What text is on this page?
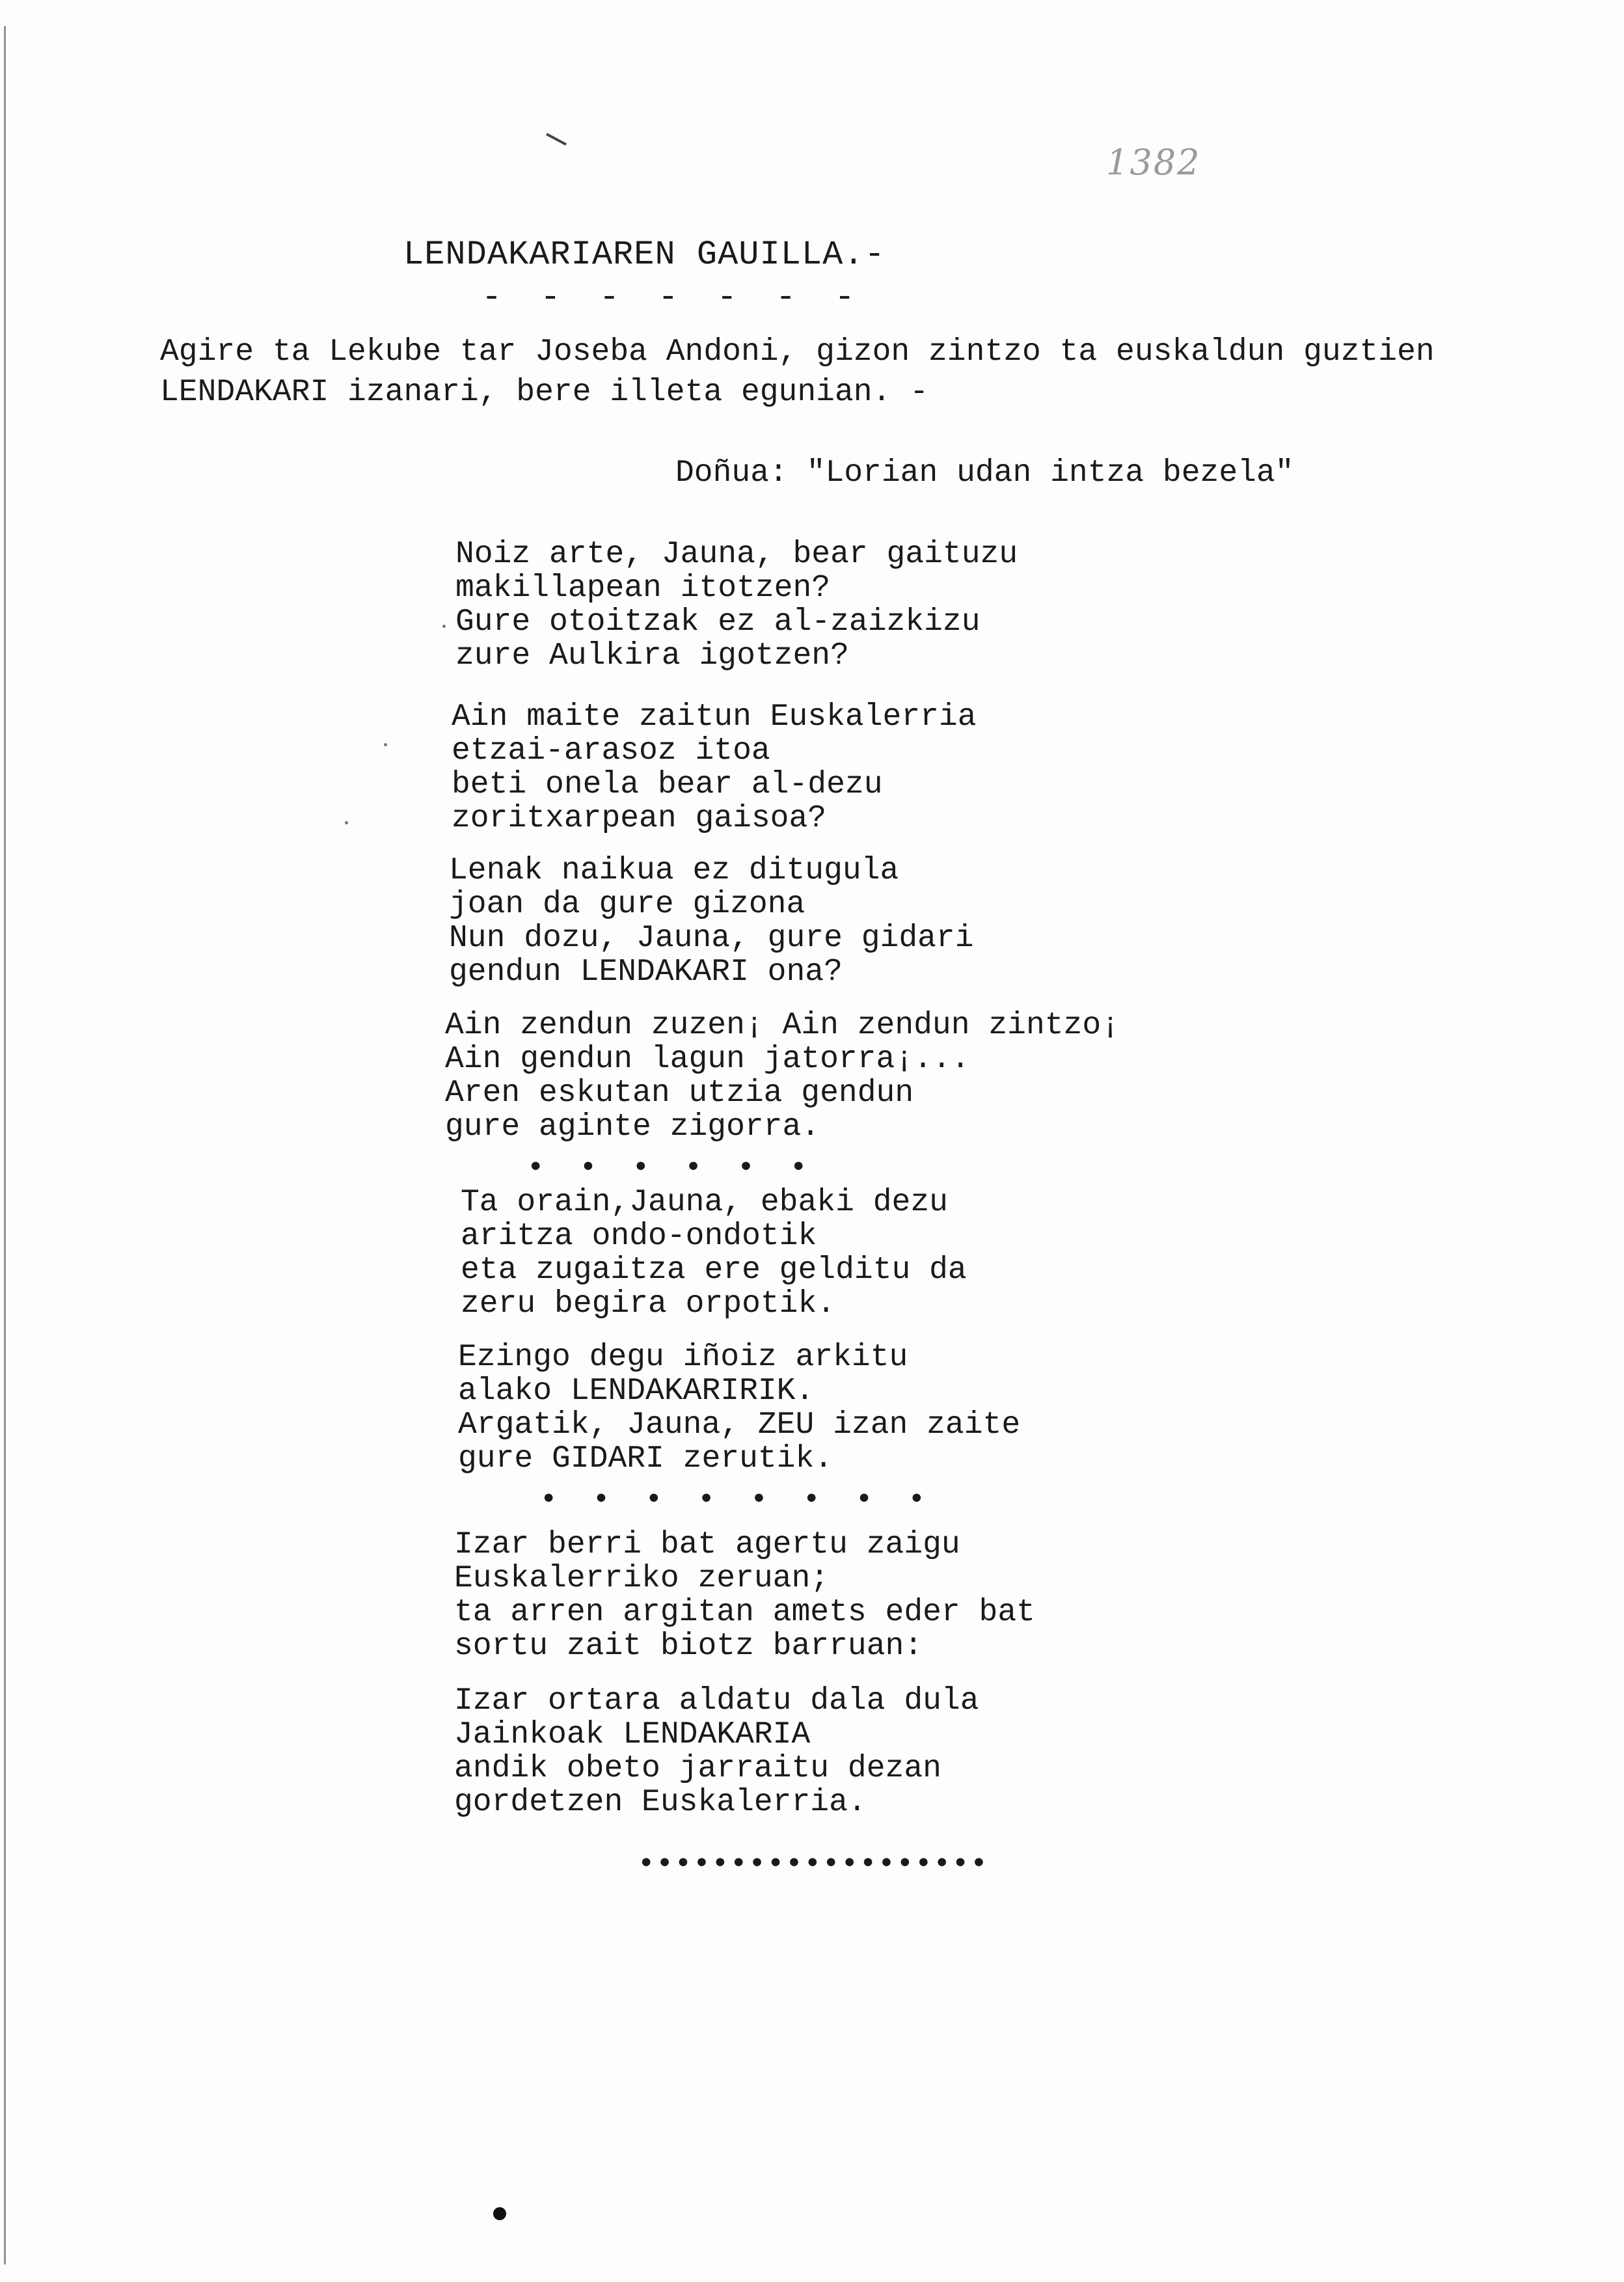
1382
LENDAKARIAREN GAUILLA.-
- - - - - - -
Agire ta Lekube tar Joseba Andoni, gizon zintzo ta euskaldun guztien
LENDAKARI izanari, bere illeta egunian. -
Doñua: "Lorian udan intza bezela"
Noiz arte, Jauna, bear gaituzu
makillapean itotzen?
Gure otoitzak ez al-zaizkizu
zure Aulkira igotzen?
Ain maite zaitun Euskalerria
etzai-arasoz itoa
beti onela bear al-dezu
zoritxarpean gaisoa?
Lenak naikua ez ditugula
joan da gure gizona
Nun dozu, Jauna, gure gidari
gendun LENDAKARI ona?
Ain zendun zuzen¡ Ain zendun zintzo¡
Ain gendun lagun jatorra¡...
Aren eskutan utzia gendun
gure aginte zigorra.
• • • • • •
Ta orain,Jauna, ebaki dezu
aritza ondo-ondotik
eta zugaitza ere gelditu da
zeru begira orpotik.
Ezingo degu iñoiz arkitu
alako LENDAKARIRIK.
Argatik, Jauna, ZEU izan zaite
gure GIDARI zerutik.
• • • • • • • •
Izar berri bat agertu zaigu
Euskalerriko zeruan;
ta arren argitan amets eder bat
sortu zait biotz barruan:
Izar ortara aldatu dala dula
Jainkoak LENDAKARIA
andik obeto jarraitu dezan
gordetzen Euskalerria.
•••••••••••••••••••
